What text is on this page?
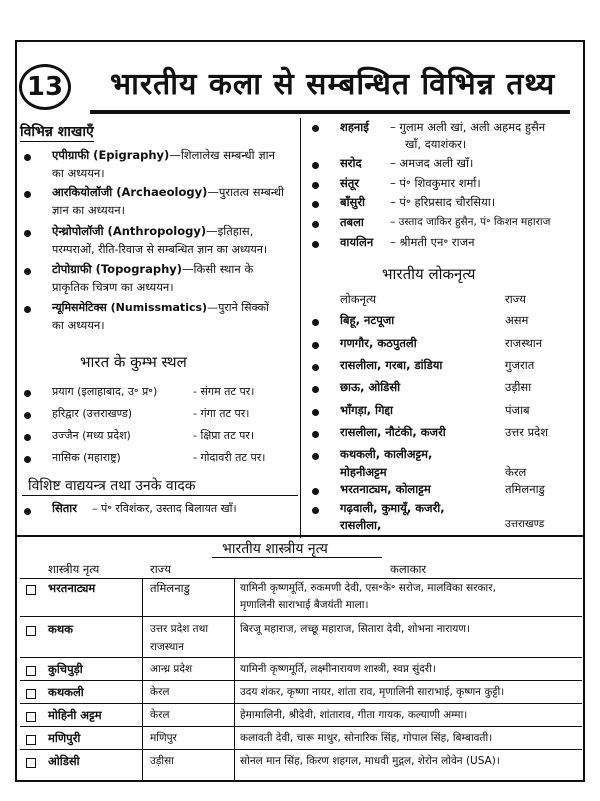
13 भारतीय कला से सम्बन्धित विभिन्न तथ्य
विभिन्न शाखाएँ
एपीग्राफी (Epigraphy)—शिलालेख सम्बन्धी ज्ञान
का अध्ययन।
आरकियोलॉजी (Archaeology)—पुरातत्व सम्बन्धी
ज्ञान का अध्ययन।
ऐन्थ्रोपोलॉजी (Anthropology)—इतिहास,
परम्पराओं, रीति-रिवाज से सम्बन्धित ज्ञान का अध्ययन।
टोपोग्राफी (Topography)—किसी स्थान के
प्राकृतिक चित्रण का अध्ययन।
न्यूमिसमेटिक्स (Numissmatics)—पुराने सिक्कों
का अध्ययन।
भारत के कुम्भ स्थल
प्रयाग (इलाहाबाद, उ॰ प्र॰)	- संगम तट पर।
हरिद्वार (उत्तराखण्ड)	- गंगा तट पर।
उज्जैन (मध्य प्रदेश)	- क्षिप्रा तट पर।
नासिक (महाराष्ट्र)	- गोदावरी तट पर।
विशिष्ट वाद्ययन्त्र तथा उनके वादक
सितार – पं॰ रविशंकर, उस्ताद बिलायत खाँ।
शहनाई – गुलाम अली खां, अली अहमद हुसैन
खाँ, दयाशंकर।
सरोद – अमजद अली खाँ।
संतूर	– पं॰ शिवकुमार शर्मा।
बाँसुरी – पं॰ हरिप्रसाद चौरसिया।
तबला – उस्ताद जाकिर हुसैन, पं॰ किशन महाराज
वायलिन – श्रीमती एन॰ राजन
भारतीय लोकनृत्य
लोकनृत्य	राज्य
बिहू, नटपूजा	असम
गणगौर, कठपुतली	राजस्थान
रासलीला, गरबा, डांडिया	गुजरात
छाऊ, ओडिसी	उड़ीसा
भाँगड़ा, गिद्दा	पंजाब
रासलीला, नौटंकी, कजरी	उत्तर प्रदेश
कथकली, कालीअट्टम,
मोहनीअट्टम	केरल
भरतनाट्यम, कोलाट्टम	तमिलनाडु
गढ़वाली, कुमायूँ, कजरी,
रासलीला,	उत्तराखण्ड
भारतीय शास्त्रीय नृत्य
शास्त्रीय नृत्य	राज्य	कलाकार
भरतनाट्यम	तमिलनाडु	यामिनी कृष्णमूर्ति, रुकमणी देवी, एस॰के॰ सरोज, मालविका सरकार,
मृणालिनी साराभाई बैजयंती माला।
कथक	उत्तर प्रदेश तथा
राजस्थान
बिरजू महाराज, लच्छू महाराज, सितारा देवी, शोभना नारायण।
कुचिपुड़ी	आन्ध्र प्रदेश	यामिनी कृष्णमूर्ति, लक्ष्मीनारायण शास्त्री, स्वप्न सुंदरी।
कथकली	केरल	उदय शंकर, कृष्णा नायर, शांता राव, मृणालिनी साराभाई, कृष्णन कुट्टी।
मोहिनी अट्टम	केरल	हेमामालिनी, श्रीदेवी, शांताराव, गीता गायक, कल्याणी अम्मा।
मणिपुरी	मणिपुर	कलावती देवी, चारू माथुर, सोनारिक सिंह, गोपाल सिंह, बिम्बावती।
ओडिसी	उड़ीसा	सोनल मान सिंह, किरण शहगल, माधवी मुद्गल, शेरोन लोवेन (USA)।
